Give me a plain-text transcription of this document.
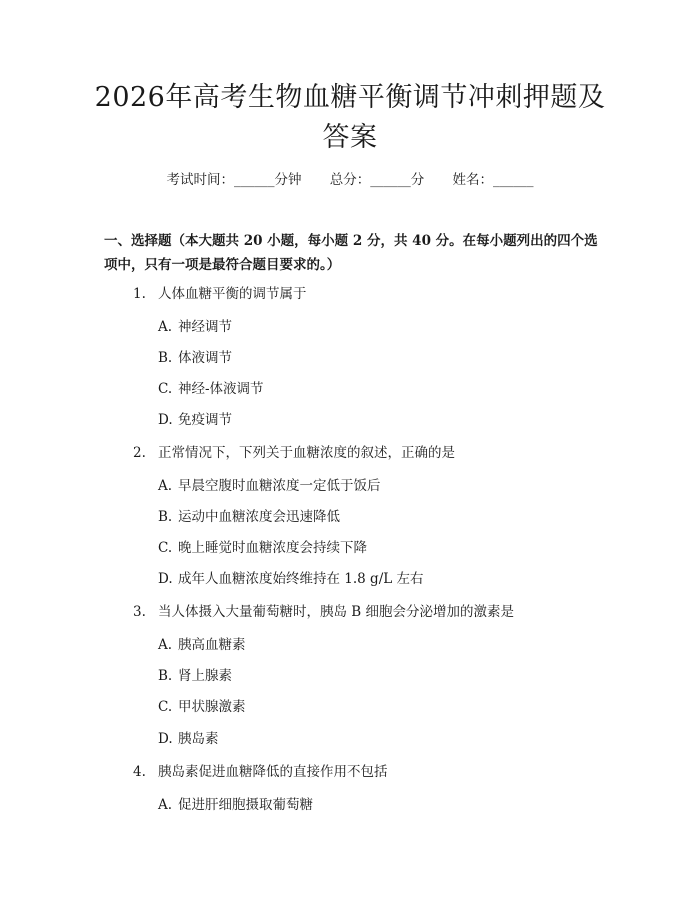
2026年高考生物血糖平衡调节冲刺押题及答案
考试时间：______分钟 总分：______分 姓名：______
一、选择题（本大题共 20 小题，每小题 2 分，共 40 分。在每小题列出的四个选项中，只有一项是最符合题目要求的。）
1. 人体血糖平衡的调节属于
A. 神经调节
B. 体液调节
C. 神经-体液调节
D. 免疫调节
2. 正常情况下，下列关于血糖浓度的叙述，正确的是
A. 早晨空腹时血糖浓度一定低于饭后
B. 运动中血糖浓度会迅速降低
C. 晚上睡觉时血糖浓度会持续下降
D. 成年人血糖浓度始终维持在 1.8 g/L 左右
3. 当人体摄入大量葡萄糖时，胰岛 B 细胞会分泌增加的激素是
A. 胰高血糖素
B. 肾上腺素
C. 甲状腺激素
D. 胰岛素
4. 胰岛素促进血糖降低的直接作用不包括
A. 促进肝细胞摄取葡萄糖
